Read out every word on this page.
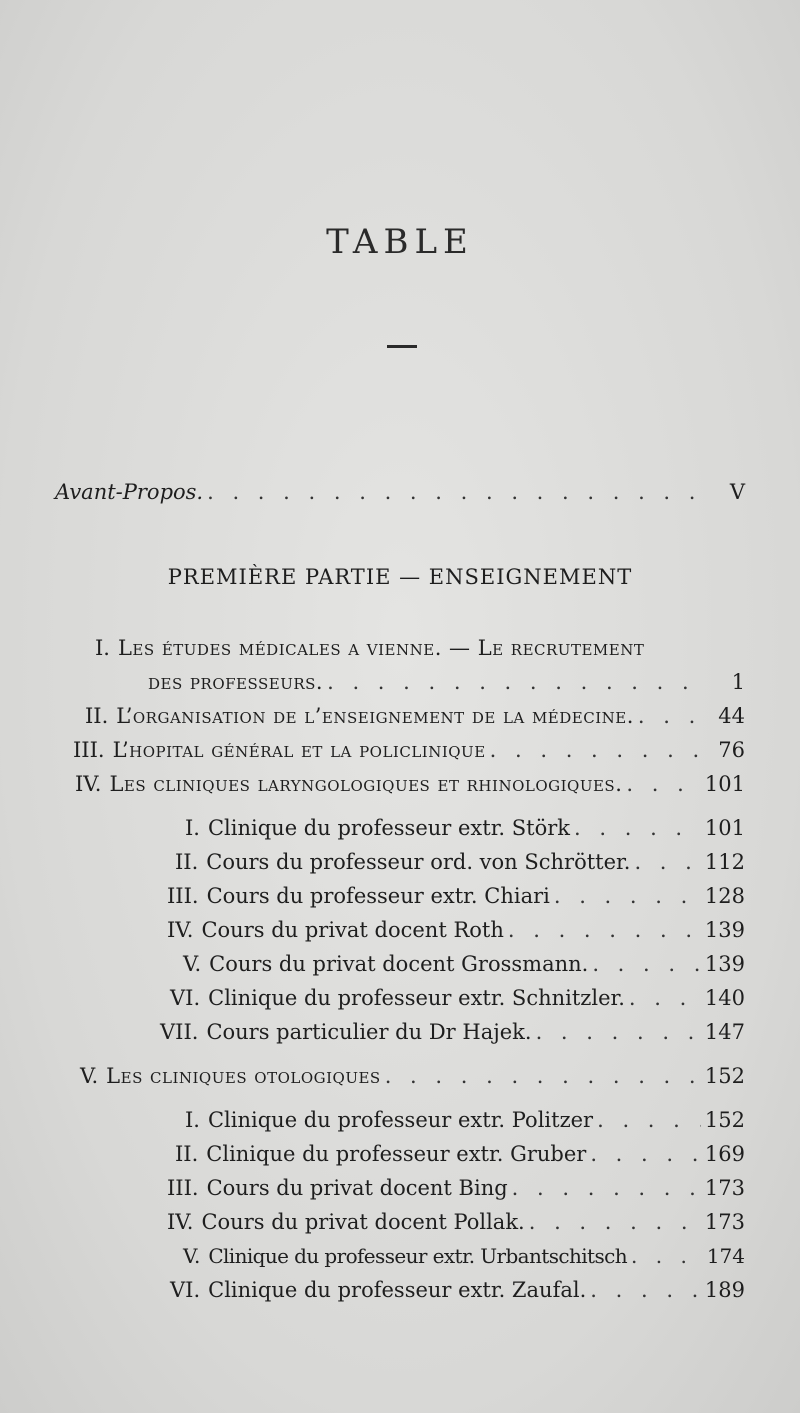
TABLE
Avant-Propos. . . .	V
PREMIÈRE PARTIE — ENSEIGNEMENT
I. Les études médicales a vienne. — Le recrutement
des professeurs. . . .	1
II. L’organisation de l’enseignement de la médecine. . . .	44
III. L’hopital général et la policlinique . . .	76
IV. Les cliniques laryngologiques et rhinologiques. . . .	101
I. Clinique du professeur extr. Störk . . .	101
II. Cours du professeur ord. von Schrötter. . . .	112
III. Cours du professeur extr. Chiari . . .	128
IV. Cours du privat docent Roth . . .	139
V. Cours du privat docent Grossmann. . . .	139
VI. Clinique du professeur extr. Schnitzler. . . .	140
VII. Cours particulier du Dr Hajek. . . .	147
V. Les cliniques otologiques . . .	152
I. Clinique du professeur extr. Politzer . . .	152
II. Clinique du professeur extr. Gruber . . .	169
III. Cours du privat docent Bing . . .	173
IV. Cours du privat docent Pollak. . . .	173
V. Clinique du professeur extr. Urbantschitsch . . .	174
VI. Clinique du professeur extr. Zaufal. . . .	189
